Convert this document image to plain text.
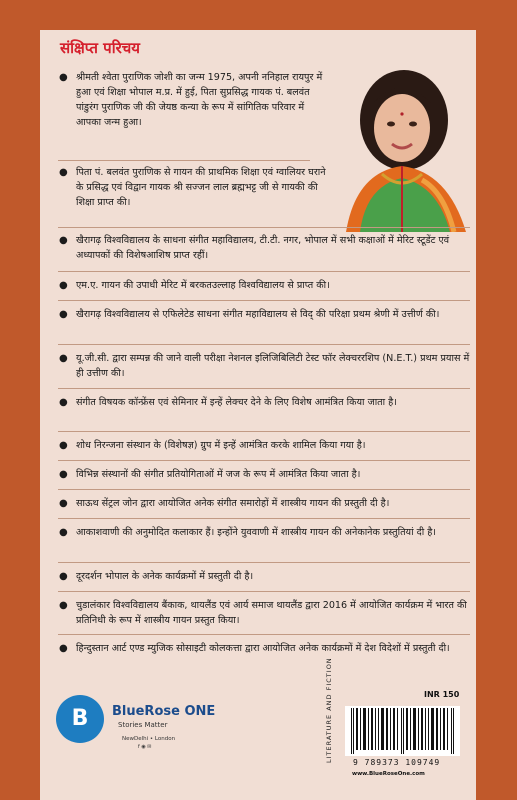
संक्षिप्त परिचय
● श्रीमती श्वेता पुराणिक जोशी का जन्म 1975, अपनी ननिहाल रायपुर में हुआ एवं शिक्षा भोपाल म.प्र. में हुई, पिता सुप्रसिद्ध गायक पं. बलवंत पांडुरंग पुराणिक जी की जेयष्ठ कन्या के रूप में सांगितिक परिवार में आपका जन्म हुआ।
● पिता पं. बलवंत पुराणिक से गायन की प्राथमिक शिक्षा एवं ग्वालियर घराने के प्रसिद्ध एवं विद्वान गायक श्री सज्जन लाल ब्रह्मभट्ट जी से गायकी की शिक्षा प्राप्त की।
● खैरागढ़ विश्वविद्यालय के साधना संगीत महाविद्यालय, टी.टी. नगर, भोपाल में सभी कक्षाओं में मेरिट स्टूडेंट एवं अध्यापकों की विशेषआशिष प्राप्त रहीं।
● एम.ए. गायन की उपाधी मेरिट में बरकतउल्लाह विश्वविद्यालय से प्राप्त की।
● खैरागढ़ विश्वविद्यालय से एफिलेटेड साधना संगीत महाविद्यालय से विद् की परिक्षा प्रथम श्रेणी में उत्तीर्ण की।
● यू.जी.सी. द्वारा सम्पन्न की जाने वाली परीक्षा नेशनल इलिजिबिलिटी टेस्ट फॉर लेक्चररशिप (N.E.T.) प्रथम प्रयास में ही उत्तीण की।
● संगीत विषयक कॉन्फ्रेंस एवं सेमिनार में इन्हें लेक्चर देने के लिए विशेष आमंत्रित किया जाता है।
● शोध निरन्जना संस्थान के (विशेषज्ञ) ग्रुप में इन्हें आमंत्रित करके शामिल किया गया है।
● विभिन्न संस्थानों की संगीत प्रतियोगिताओं में जज के रूप में आमंत्रित किया जाता है।
● साऊथ सेंट्रल जोन द्वारा आयोजित अनेक संगीत समारोहों में शास्त्रीय गायन की प्रस्तुती दी है।
● आकाशवाणी की अनुमोदित कलाकार हैं। इन्होंने युववाणी में शास्त्रीय गायन की अनेकानेक प्रस्तुतियां दी है।
● दूरदर्शन भोपाल के अनेक कार्यक्रमों में प्रस्तुती दी है।
● चुडालंकार विश्वविद्यालय बैंकाक, थायलैंड एवं आर्य समाज थायलैंड द्वारा 2016 में आयोजित कार्यक्रम में भारत की प्रतिनिधी के रूप में शास्त्रीय गायन प्रस्तुत किया।
● हिन्दुस्तान आर्ट एण्ड म्युजिक सोसाइटी कोलकत्ता द्वारा आयोजित अनेक कार्यक्रमों में देश विदेशों में प्रस्तुती दी।
B	BlueRose ONE
Stories Matter
NewDelhi • London
f ◉ ✉	LITERATURE AND FICTION	INR 150
9 789373 109749
www.BlueRoseOne.com
